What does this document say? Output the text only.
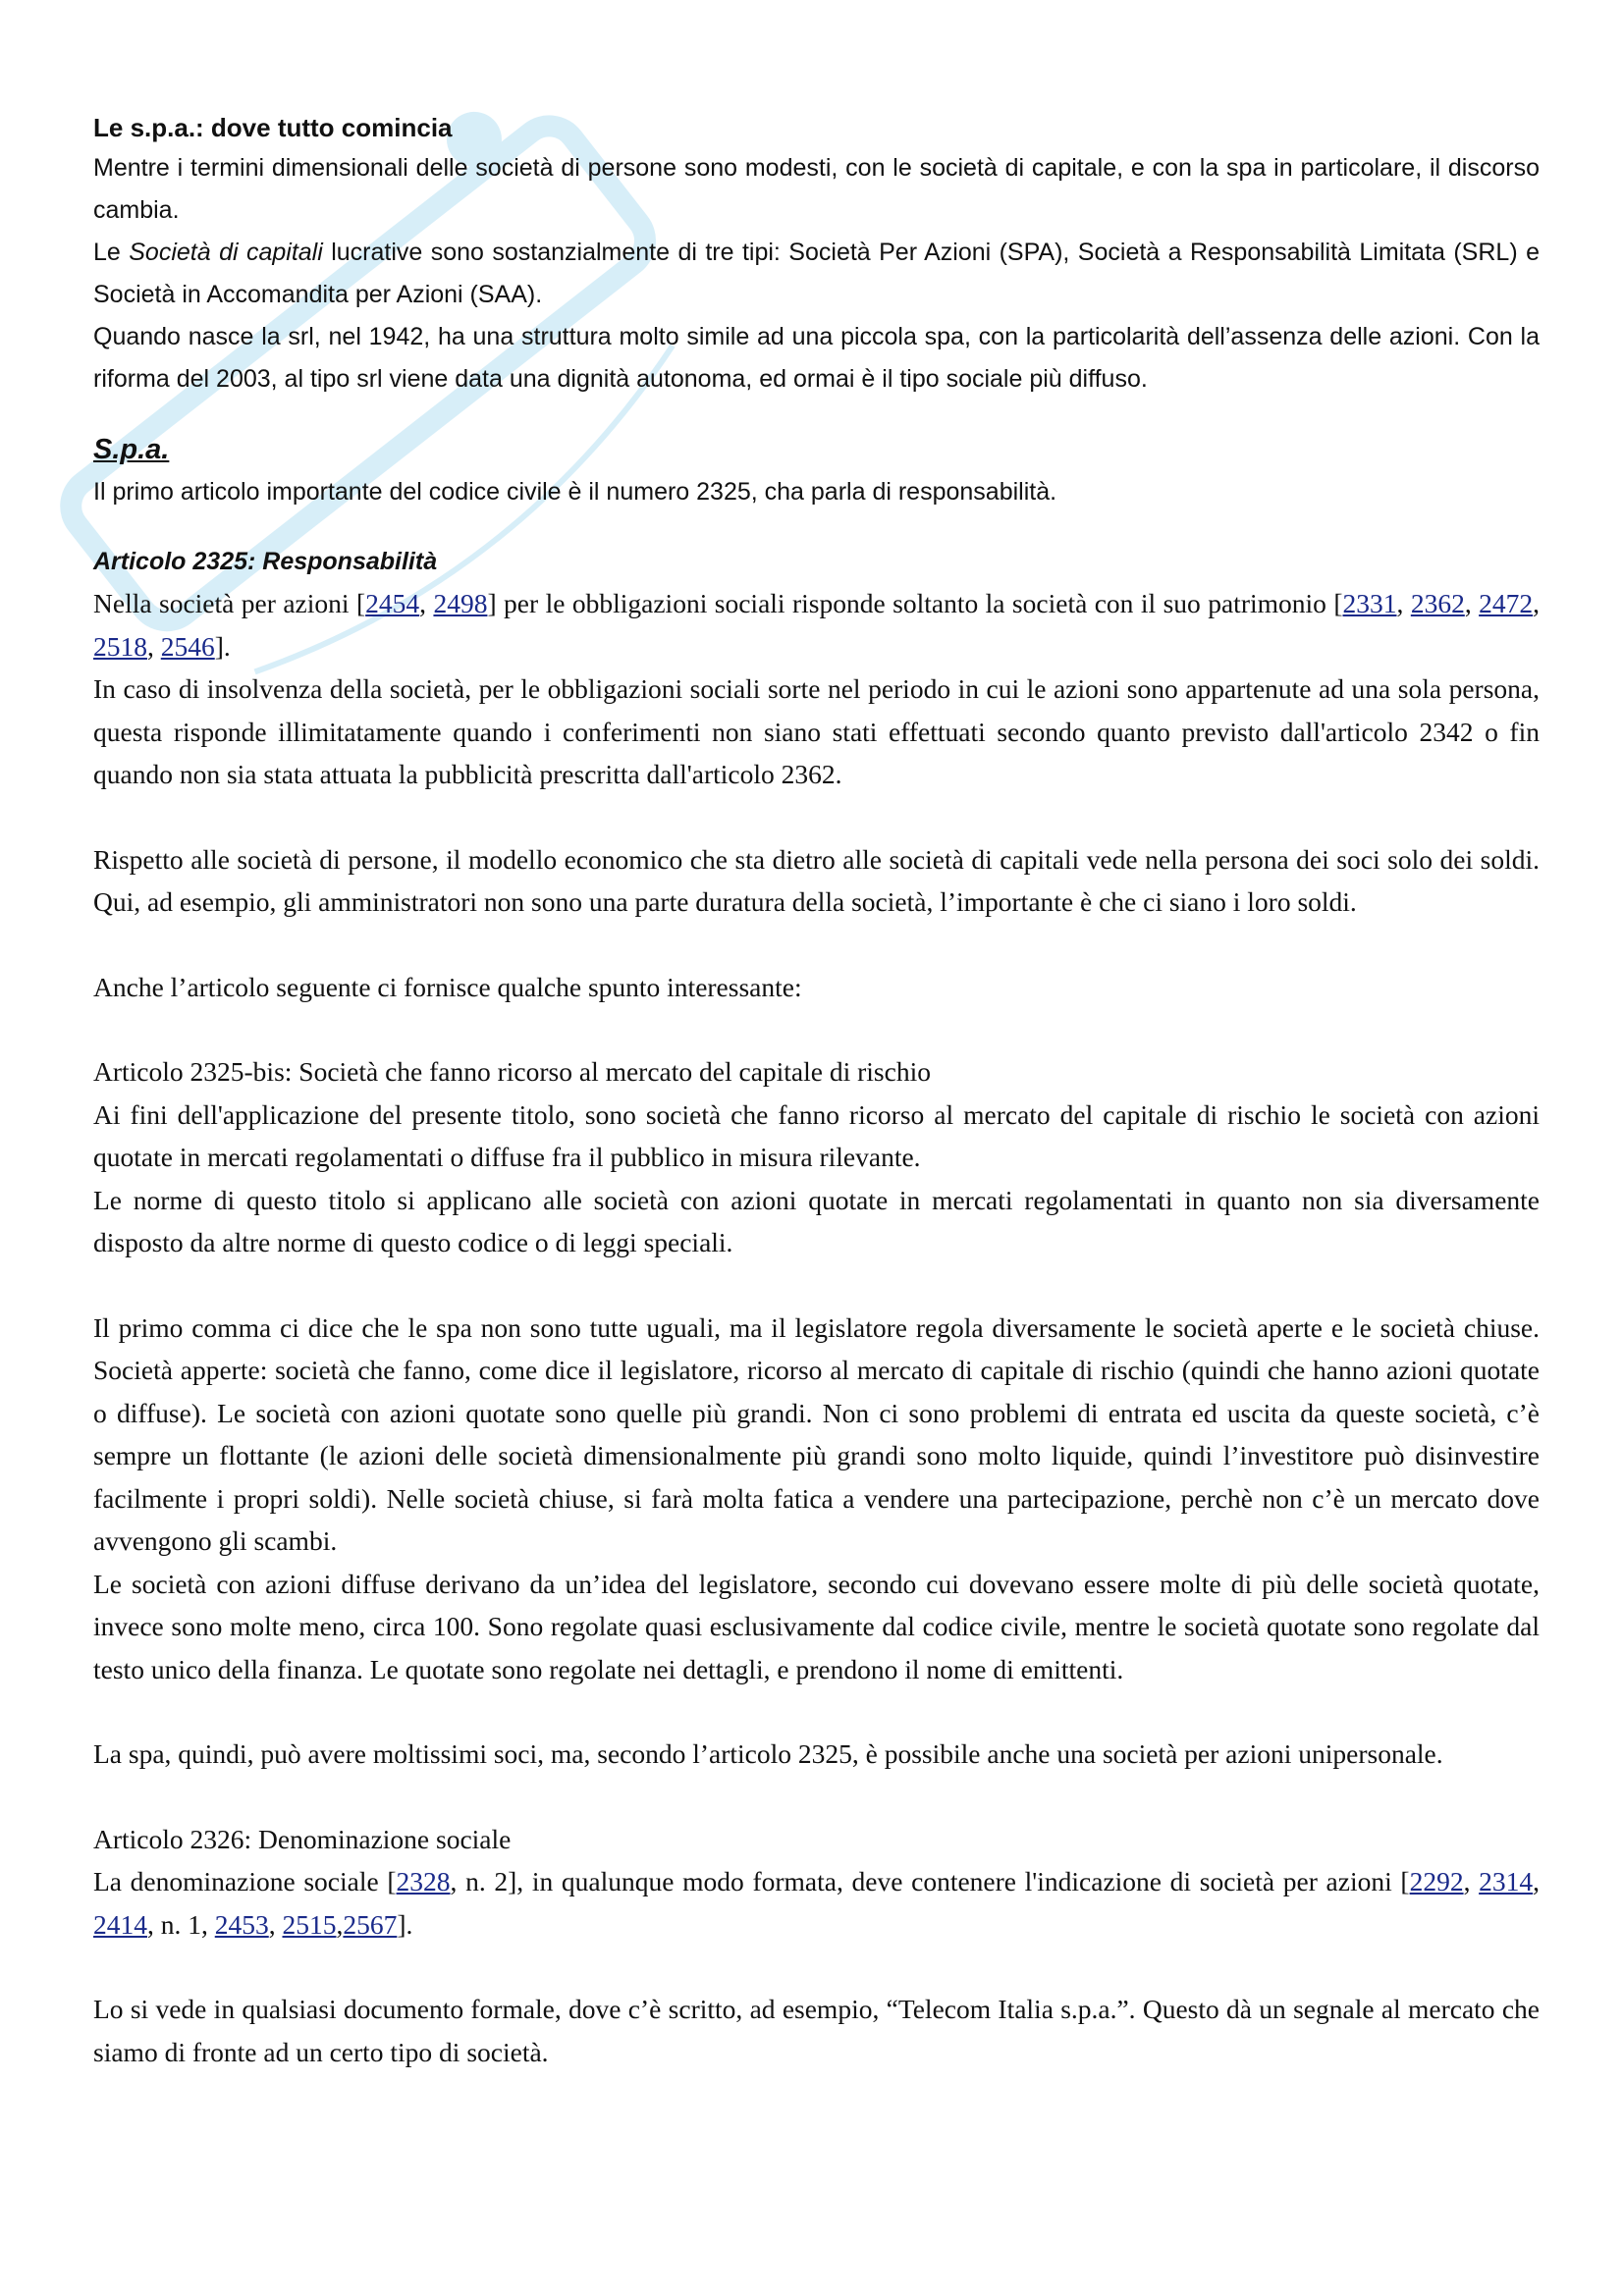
Le s.p.a.: dove tutto comincia

Mentre i termini dimensionali delle società di persone sono modesti, con le società di capitale, e con la spa in particolare, il discorso cambia.

Le Società di capitali lucrative sono sostanzialmente di tre tipi: Società Per Azioni (SPA), Società a Responsabilità Limitata (SRL) e Società in Accomandita per Azioni (SAA).

Quando nasce la srl, nel 1942, ha una struttura molto simile ad una piccola spa, con la particolarità dell’assenza delle azioni. Con la riforma del 2003, al tipo srl viene data una dignità autonoma, ed ormai è il tipo sociale più diffuso.

S.p.a.

Il primo articolo importante del codice civile è il numero 2325, cha parla di responsabilità.

Articolo 2325: Responsabilità

Nella società per azioni [2454, 2498] per le obbligazioni sociali risponde soltanto la società con il suo patrimonio [2331, 2362, 2472, 2518, 2546].

In caso di insolvenza della società, per le obbligazioni sociali sorte nel periodo in cui le azioni sono appartenute ad una sola persona, questa risponde illimitatamente quando i conferimenti non siano stati effettuati secondo quanto previsto dall'articolo 2342 o fin quando non sia stata attuata la pubblicità prescritta dall'articolo 2362.

Rispetto alle società di persone, il modello economico che sta dietro alle società di capitali vede nella persona dei soci solo dei soldi. Qui, ad esempio, gli amministratori non sono una parte duratura della società, l’importante è che ci siano i loro soldi.

Anche l’articolo seguente ci fornisce qualche spunto interessante:

Articolo 2325-bis: Società che fanno ricorso al mercato del capitale di rischio

Ai fini dell'applicazione del presente titolo, sono società che fanno ricorso al mercato del capitale di rischio le società con azioni quotate in mercati regolamentati o diffuse fra il pubblico in misura rilevante.

Le norme di questo titolo si applicano alle società con azioni quotate in mercati regolamentati in quanto non sia diversamente disposto da altre norme di questo codice o di leggi speciali.

Il primo comma ci dice che le spa non sono tutte uguali, ma il legislatore regola diversamente le società aperte e le società chiuse. Società apperte: società che fanno, come dice il legislatore, ricorso al mercato di capitale di rischio (quindi che hanno azioni quotate o diffuse). Le società con azioni quotate sono quelle più grandi. Non ci sono problemi di entrata ed uscita da queste società, c’è sempre un flottante (le azioni delle società dimensionalmente più grandi sono molto liquide, quindi l’investitore può disinvestire facilmente i propri soldi). Nelle società chiuse, si farà molta fatica a vendere una partecipazione, perchè non c’è un mercato dove avvengono gli scambi.

Le società con azioni diffuse derivano da un’idea del legislatore, secondo cui dovevano essere molte di più delle società quotate, invece sono molte meno, circa 100. Sono regolate quasi esclusivamente dal codice civile, mentre le società quotate sono regolate dal testo unico della finanza. Le quotate sono regolate nei dettagli, e prendono il nome di emittenti.

La spa, quindi, può avere moltissimi soci, ma, secondo l’articolo 2325, è possibile anche una società per azioni unipersonale.

Articolo 2326: Denominazione sociale

La denominazione sociale [2328, n. 2], in qualunque modo formata, deve contenere l'indicazione di società per azioni [2292, 2314, 2414, n. 1, 2453, 2515,2567].

Lo si vede in qualsiasi documento formale, dove c’è scritto, ad esempio, “Telecom Italia s.p.a.”. Questo dà un segnale al mercato che siamo di fronte ad un certo tipo di società.
